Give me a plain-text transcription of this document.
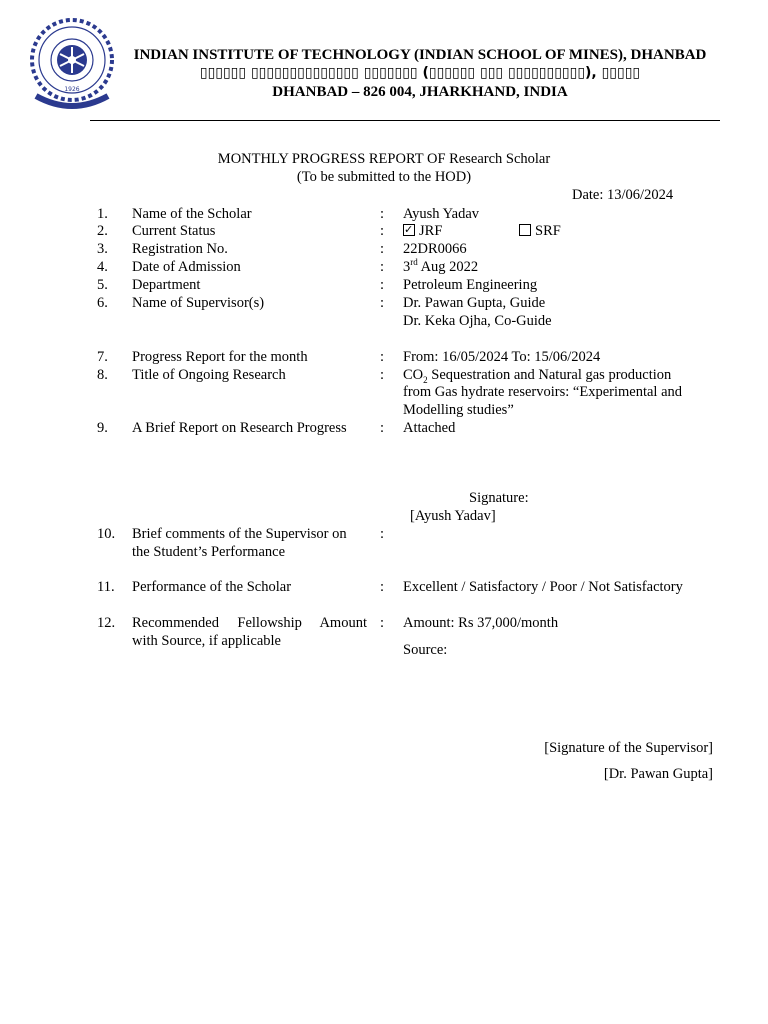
1926
INDIAN INSTITUTE OF TECHNOLOGY (INDIAN SCHOOL OF MINES), DHANBAD
▯▯▯▯▯▯ ▯▯▯▯▯▯▯▯▯▯▯▯▯▯ ▯▯▯▯▯▯▯ (▯▯▯▯▯▯ ▯▯▯ ▯▯▯▯▯▯▯▯▯▯), ▯▯▯▯▯
DHANBAD – 826 004, JHARKHAND, INDIA
MONTHLY PROGRESS REPORT OF Research Scholar
(To be submitted to the HOD)
Date: 13/06/2024
1. Name of the Scholar	: Ayush Yadav
2. Current Status	:
✓	JRF	SRF
3. Registration No.	: 22DR0066
4. Date of Admission	: 3rd Aug 2022
5. Department	: Petroleum Engineering
6. Name of Supervisor(s)	: Dr. Pawan Gupta, Guide
Dr. Keka Ojha, Co-Guide
7. Progress Report for the month	: From: 16/05/2024 To: 15/06/2024
8. Title of Ongoing Research	: $CO_2$ Sequestration and Natural gas production
from Gas hydrate reservoirs: “Experimental and
Modelling studies”
9. A Brief Report on Research Progress : Attached
Signature:
[Ayush Yadav]
10. Brief comments of the Supervisor on
the Student’s Performance
:
11. Performance of the Scholar	: Excellent / Satisfactory / Poor / Not Satisfactory
12. Recommended Fellowship Amount
with Source, if applicable
: Amount: Rs 37,000/month
Source:
[Signature of the Supervisor]
[Dr. Pawan Gupta]
